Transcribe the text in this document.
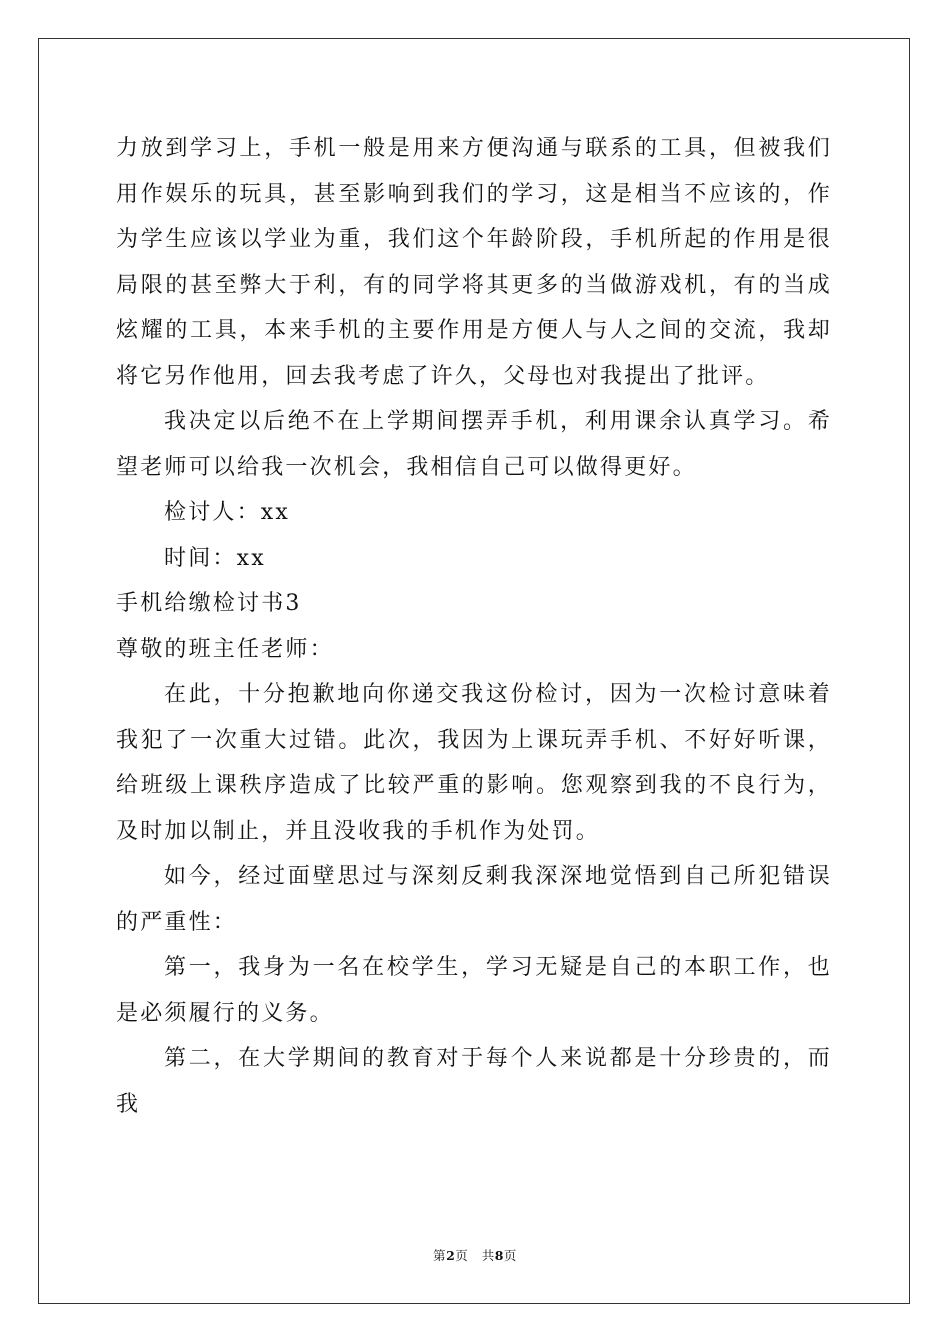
力放到学习上，手机一般是用来方便沟通与联系的工具，但被我们用作娱乐的玩具，甚至影响到我们的学习，这是相当不应该的，作为学生应该以学业为重，我们这个年龄阶段，手机所起的作用是很局限的甚至弊大于利，有的同学将其更多的当做游戏机，有的当成炫耀的工具，本来手机的主要作用是方便人与人之间的交流，我却将它另作他用，回去我考虑了许久，父母也对我提出了批评。

我决定以后绝不在上学期间摆弄手机，利用课余认真学习。希望老师可以给我一次机会，我相信自己可以做得更好。

检讨人：xx

时间：xx

手机给缴检讨书3

尊敬的班主任老师：

在此，十分抱歉地向你递交我这份检讨，因为一次检讨意味着我犯了一次重大过错。此次，我因为上课玩弄手机、不好好听课，给班级上课秩序造成了比较严重的影响。您观察到我的不良行为，及时加以制止，并且没收我的手机作为处罚。

如今，经过面壁思过与深刻反剩我深深地觉悟到自己所犯错误的严重性：

第一，我身为一名在校学生，学习无疑是自己的本职工作，也是必须履行的义务。

第二，在大学期间的教育对于每个人来说都是十分珍贵的，而我

第2页 共8页
